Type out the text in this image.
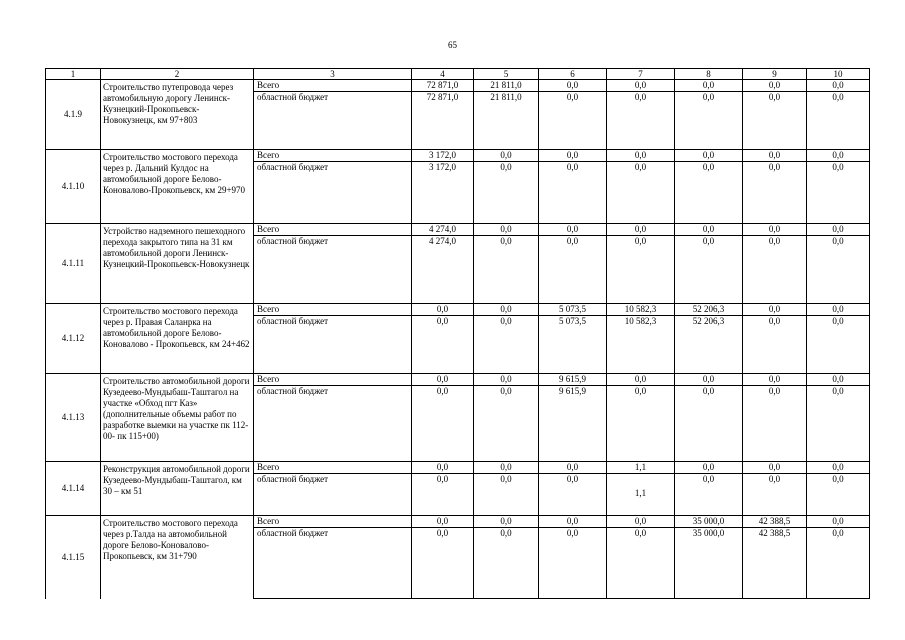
65
1	2	3	4	5	6	7	8	9	10
4.1.9	Строительство путепровода через автомобильную дорогу Ленинск-Кузнецкий-Прокопьевск-Новокузнецк, км 97+803	Всего	72 871,0	21 811,0	0,0	0,0	0,0	0,0	0,0
		областной бюджет	72 871,0	21 811,0	0,0	0,0	0,0	0,0	0,0
4.1.10	Строительство мостового перехода через р. Дальний Кулдос на автомобильной дороге Белово-Коновалово-Прокопьевск, км 29+970	Всего	3 172,0	0,0	0,0	0,0	0,0	0,0	0,0
		областной бюджет	3 172,0	0,0	0,0	0,0	0,0	0,0	0,0
4.1.11	Устройство надземного пешеходного перехода закрытого типа на 31 км автомобильной дороги Ленинск-Кузнецкий-Прокопьевск-Новокузнецк	Всего	4 274,0	0,0	0,0	0,0	0,0	0,0	0,0
		областной бюджет	4 274,0	0,0	0,0	0,0	0,0	0,0	0,0
4.1.12	Строительство мостового перехода через р. Правая Саланрка на автомобильной дороге Белово-Коновалово - Прокопьевск, км 24+462	Всего	0,0	0,0	5 073,5	10 582,3	52 206,3	0,0	0,0
		областной бюджет	0,0	0,0	5 073,5	10 582,3	52 206,3	0,0	0,0
4.1.13	Строительство автомобильной дороги Кузедеево-Мундыбаш-Таштагол на участке «Обход пгт Каз» (дополнительные объемы работ по разработке выемки на участке пк 112-00- пк 115+00)	Всего	0,0	0,0	9 615,9	0,0	0,0	0,0	0,0
		областной бюджет	0,0	0,0	9 615,9	0,0	0,0	0,0	0,0
4.1.14	Реконструкция автомобильной дороги Кузедеево-Мундыбаш-Таштагол, км 30 – км 51	Всего	0,0	0,0	0,0	1,1	0,0	0,0	0,0
		областной бюджет	0,0	0,0	0,0	1,1	0,0	0,0	0,0
4.1.15	Строительство мостового перехода через р.Талда на автомобильной дороге Белово-Коновалово-Прокопьевск, км 31+790	Всего	0,0	0,0	0,0	0,0	35 000,0	42 388,5	0,0
		областной бюджет	0,0	0,0	0,0	0,0	35 000,0	42 388,5	0,0
